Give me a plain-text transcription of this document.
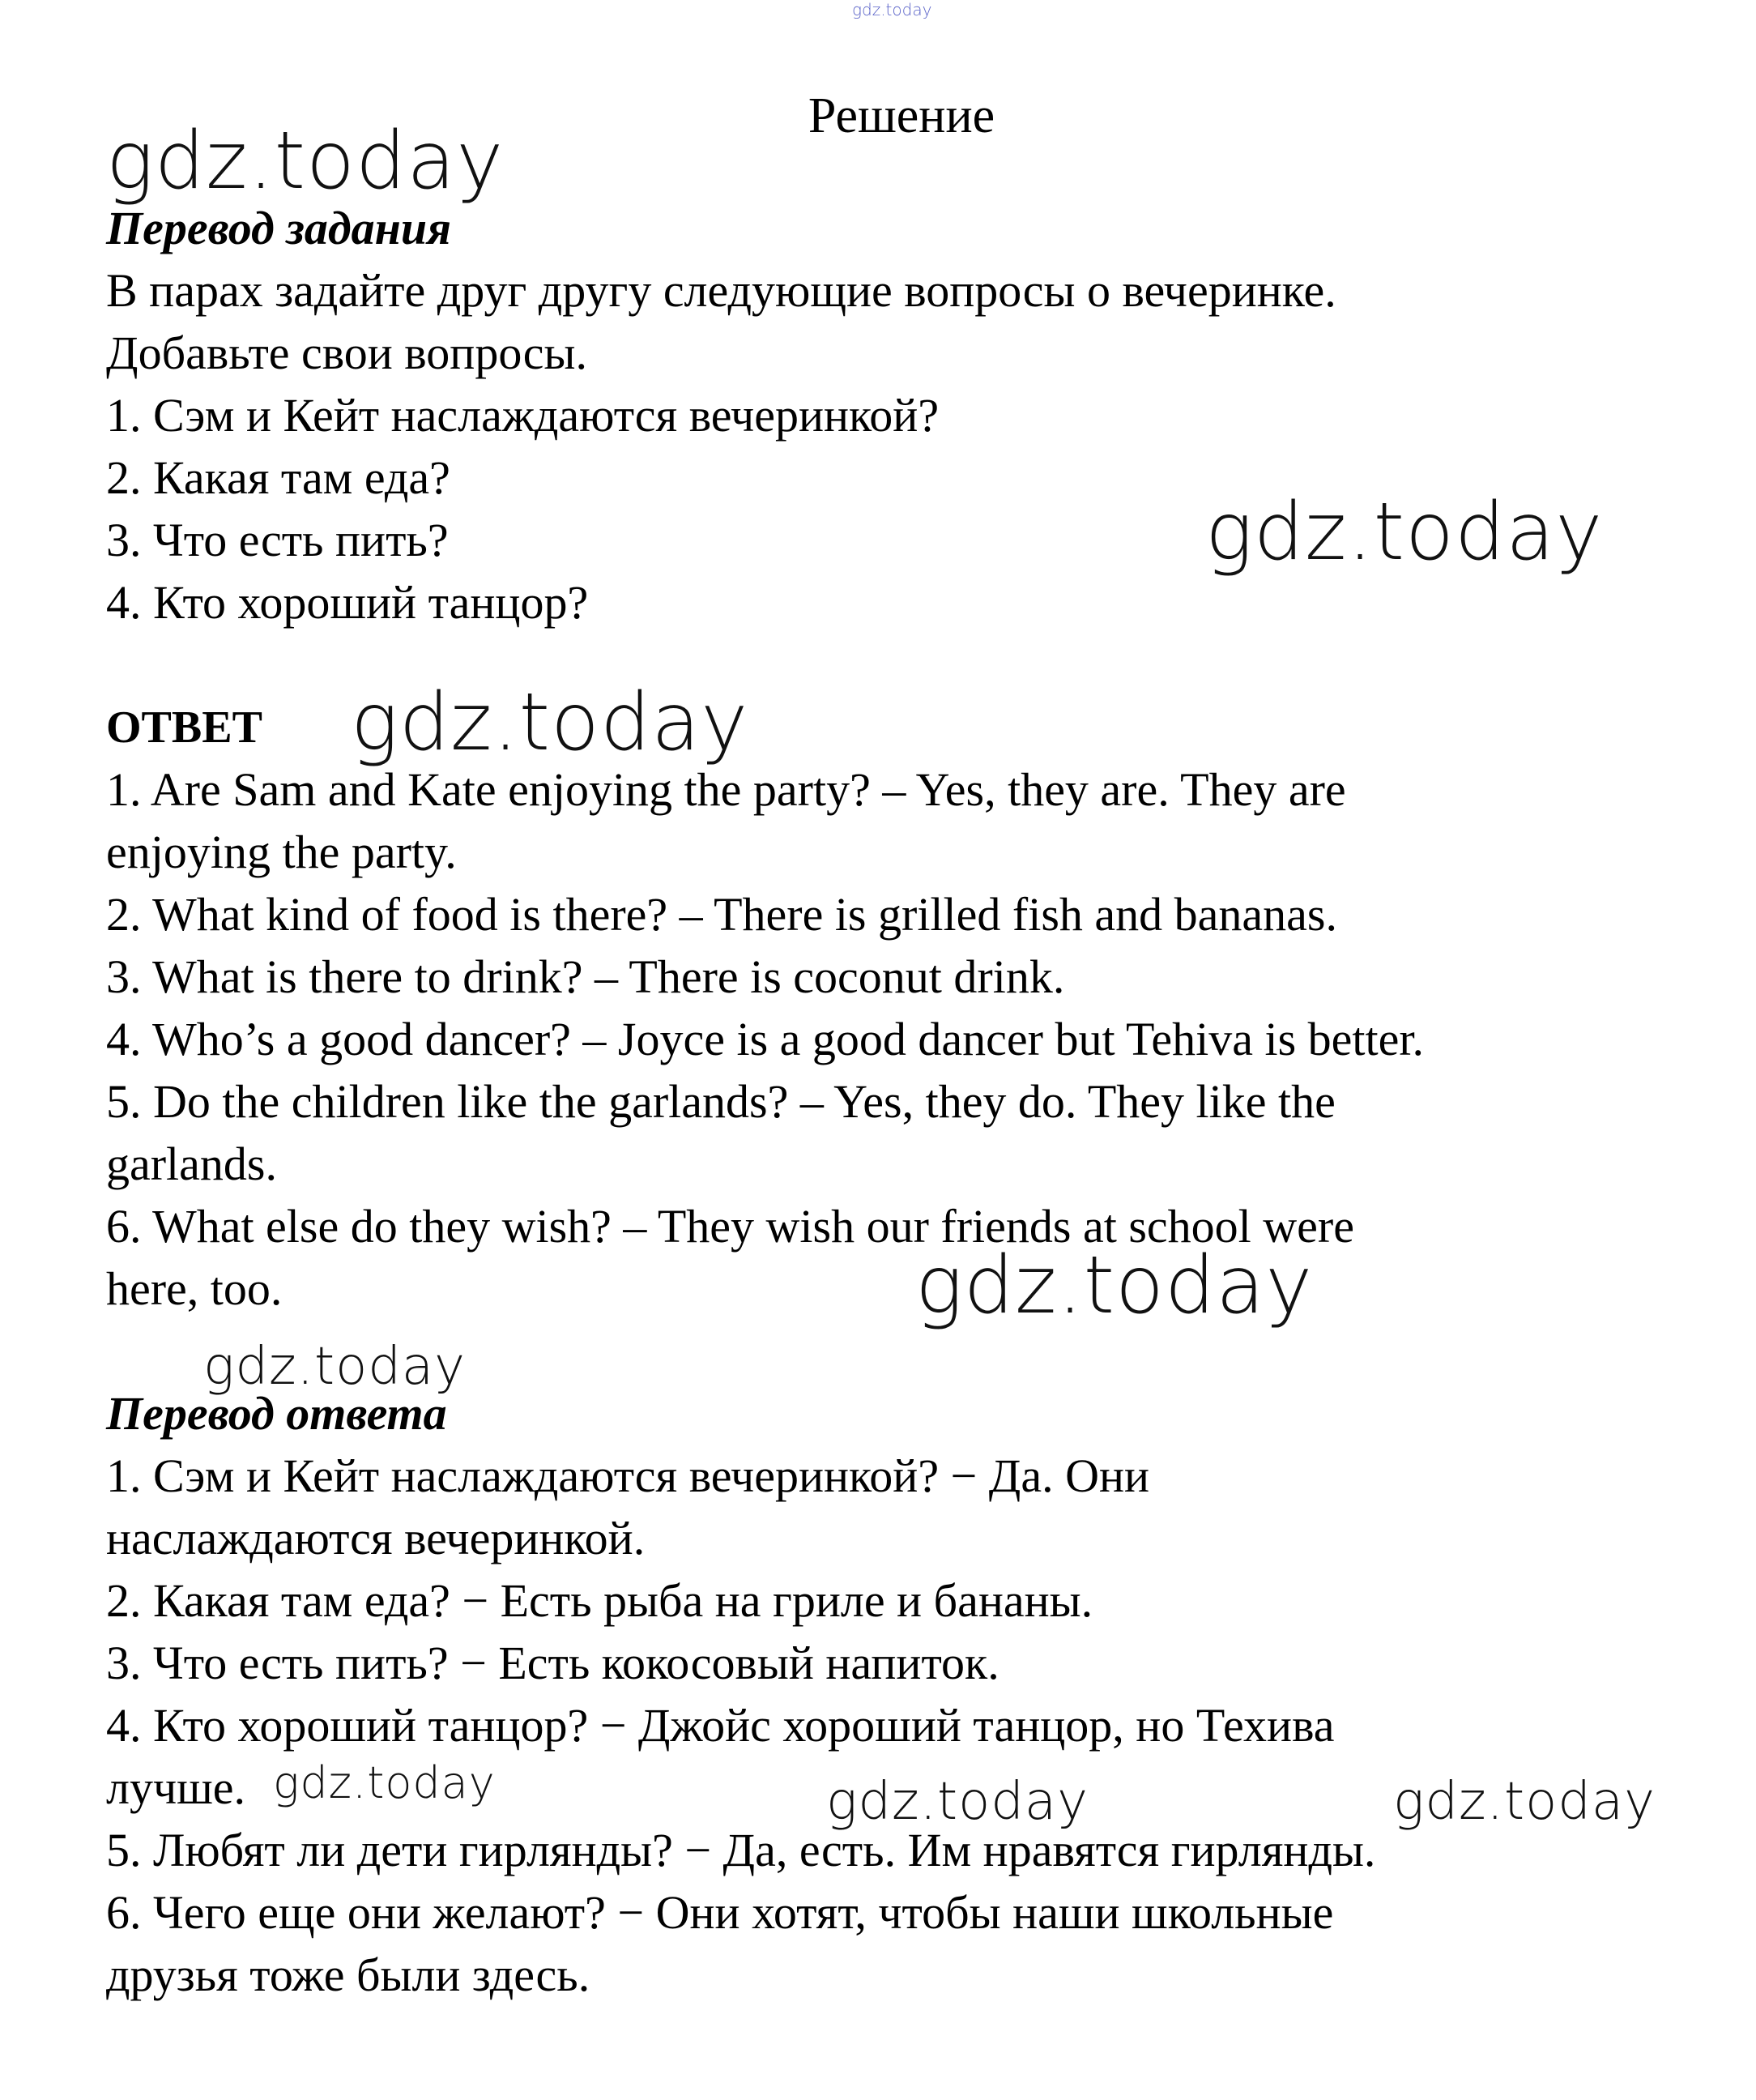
gdz.today
gdz.today
gdz.today
gdz.today
gdz.today
gdz.today
gdz.today	gdz.today	gdz.today
Решение
Перевод задания
В парах задайте друг другу следующие вопросы о вечеринке.
Добавьте свои вопросы.
1. Сэм и Кейт наслаждаются вечеринкой?
2. Какая там еда?
3. Что есть пить?
4. Кто хороший танцор?
ОТВЕТ
1. Are Sam and Kate enjoying the party? – Yes, they are. They are
enjoying the party.
2. What kind of food is there? – There is grilled fish and bananas.
3. What is there to drink? – There is coconut drink.
4. Who’s a good dancer? – Joyce is a good dancer but Tehiva is better.
5. Do the children like the garlands? – Yes, they do. They like the
garlands.
6. What else do they wish? – They wish our friends at school were
here, too.
Перевод ответа
1. Сэм и Кейт наслаждаются вечеринкой? − Да. Они
наслаждаются вечеринкой.
2. Какая там еда? − Есть рыба на гриле и бананы.
3. Что есть пить? − Есть кокосовый напиток.
4. Кто хороший танцор? − Джойс хороший танцор, но Техива
лучше.
5. Любят ли дети гирлянды? − Да, есть. Им нравятся гирлянды.
6. Чего еще они желают? − Они хотят, чтобы наши школьные
друзья тоже были здесь.
